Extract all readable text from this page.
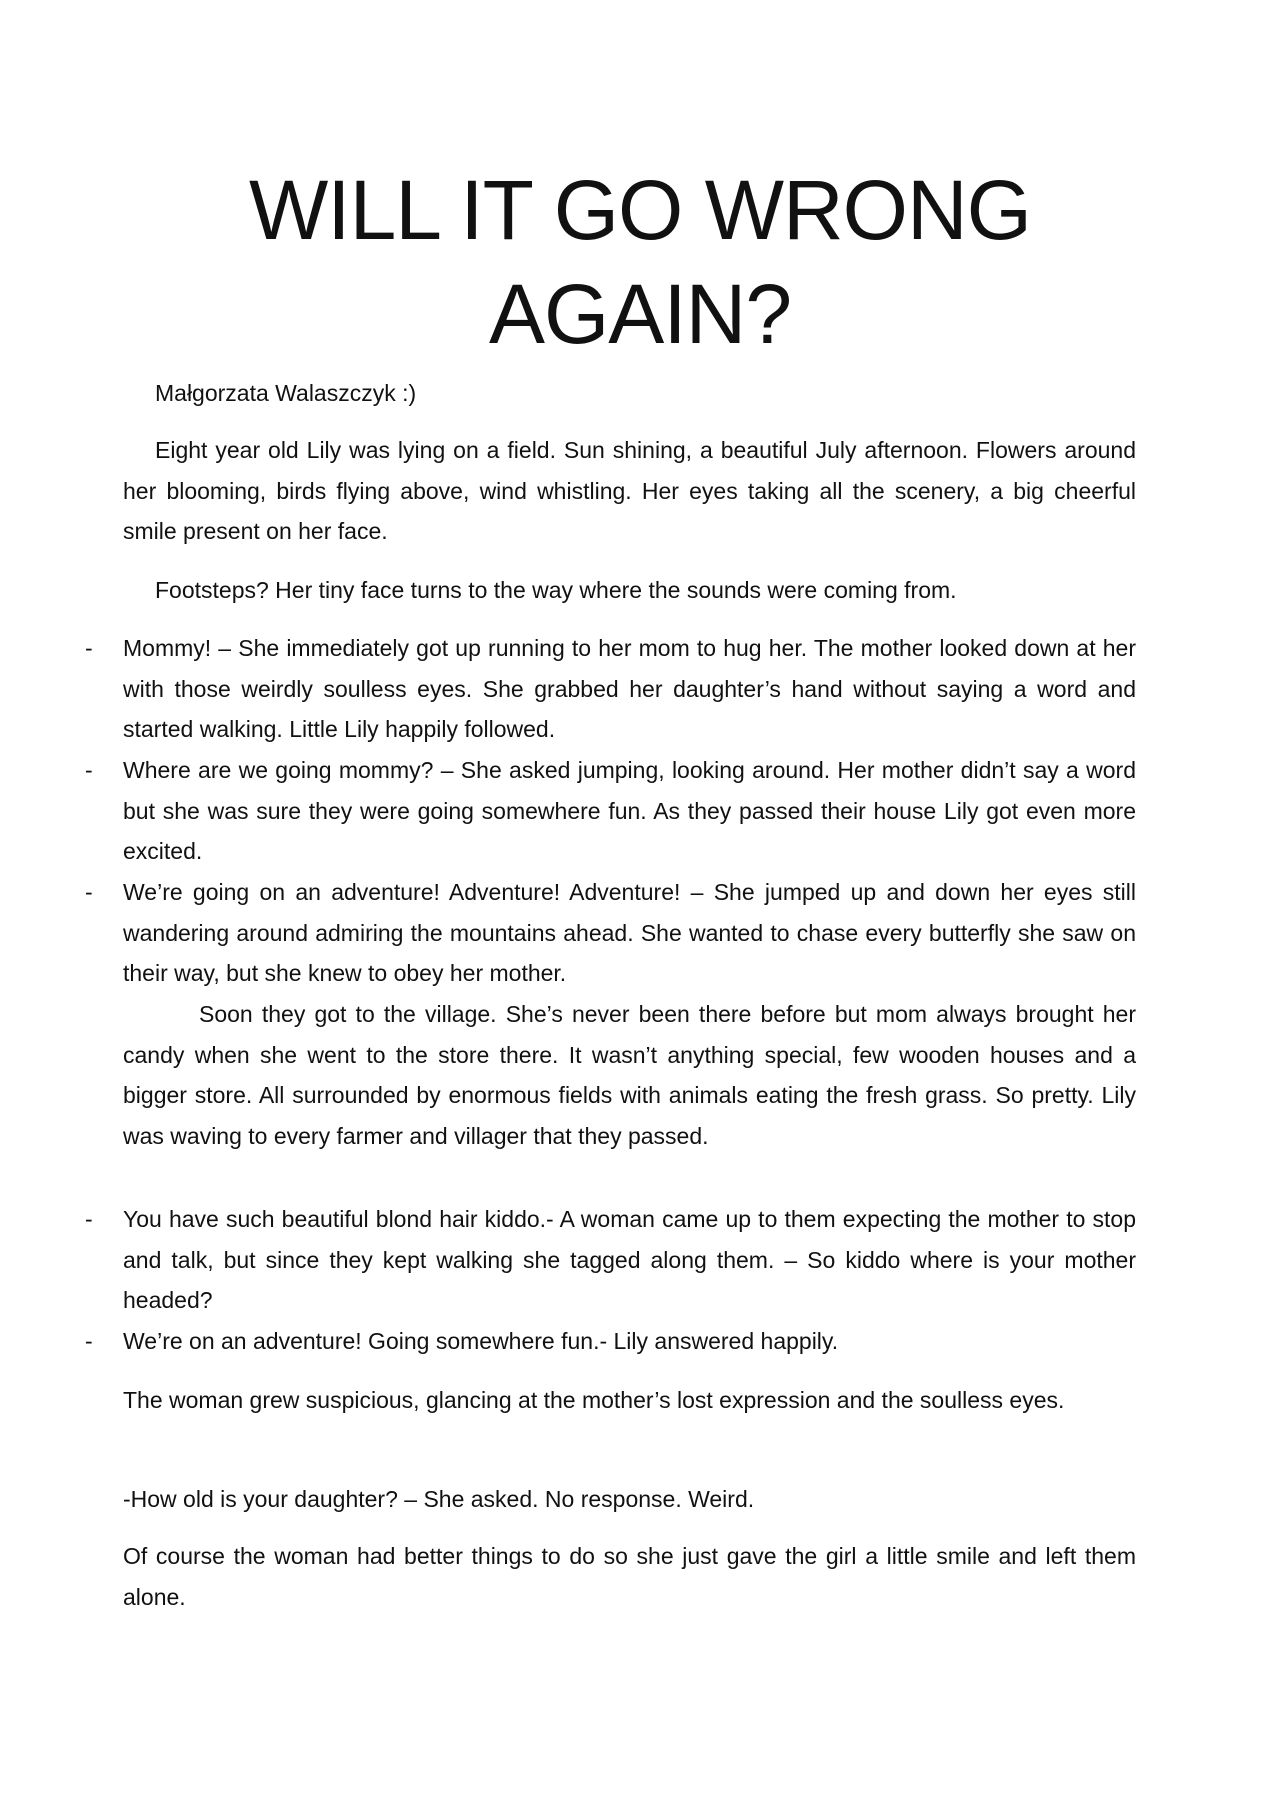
WILL IT GO WRONG
AGAIN?
Małgorzata Walaszczyk :)
Eight year old Lily was lying on a field. Sun shining, a beautiful July afternoon. Flowers around her blooming, birds flying above, wind whistling. Her eyes taking all the scenery, a big cheerful smile present on her face.
Footsteps? Her tiny face turns to the way where the sounds were coming from.
- Mommy! – She immediately got up running to her mom to hug her. The mother looked down at her with those weirdly soulless eyes. She grabbed her daughter’s hand without saying a word and started walking. Little Lily happily followed.
- Where are we going mommy? – She asked jumping, looking around. Her mother didn’t say a word but she was sure they were going somewhere fun. As they passed their house Lily got even more excited.
- We’re going on an adventure! Adventure! Adventure! – She jumped up and down her eyes still wandering around admiring the mountains ahead. She wanted to chase every butterfly she saw on their way, but she knew to obey her mother.
Soon they got to the village. She’s never been there before but mom always brought her candy when she went to the store there. It wasn’t anything special, few wooden houses and a bigger store. All surrounded by enormous fields with animals eating the fresh grass. So pretty. Lily was waving to every farmer and villager that they passed.
- You have such beautiful blond hair kiddo.- A woman came up to them expecting the mother to stop and talk, but since they kept walking she tagged along them. – So kiddo where is your mother headed?
- We’re on an adventure! Going somewhere fun.- Lily answered happily.
The woman grew suspicious, glancing at the mother’s lost expression and the soulless eyes.
-How old is your daughter? – She asked. No response. Weird.
Of course the woman had better things to do so she just gave the girl a little smile and left them alone.
